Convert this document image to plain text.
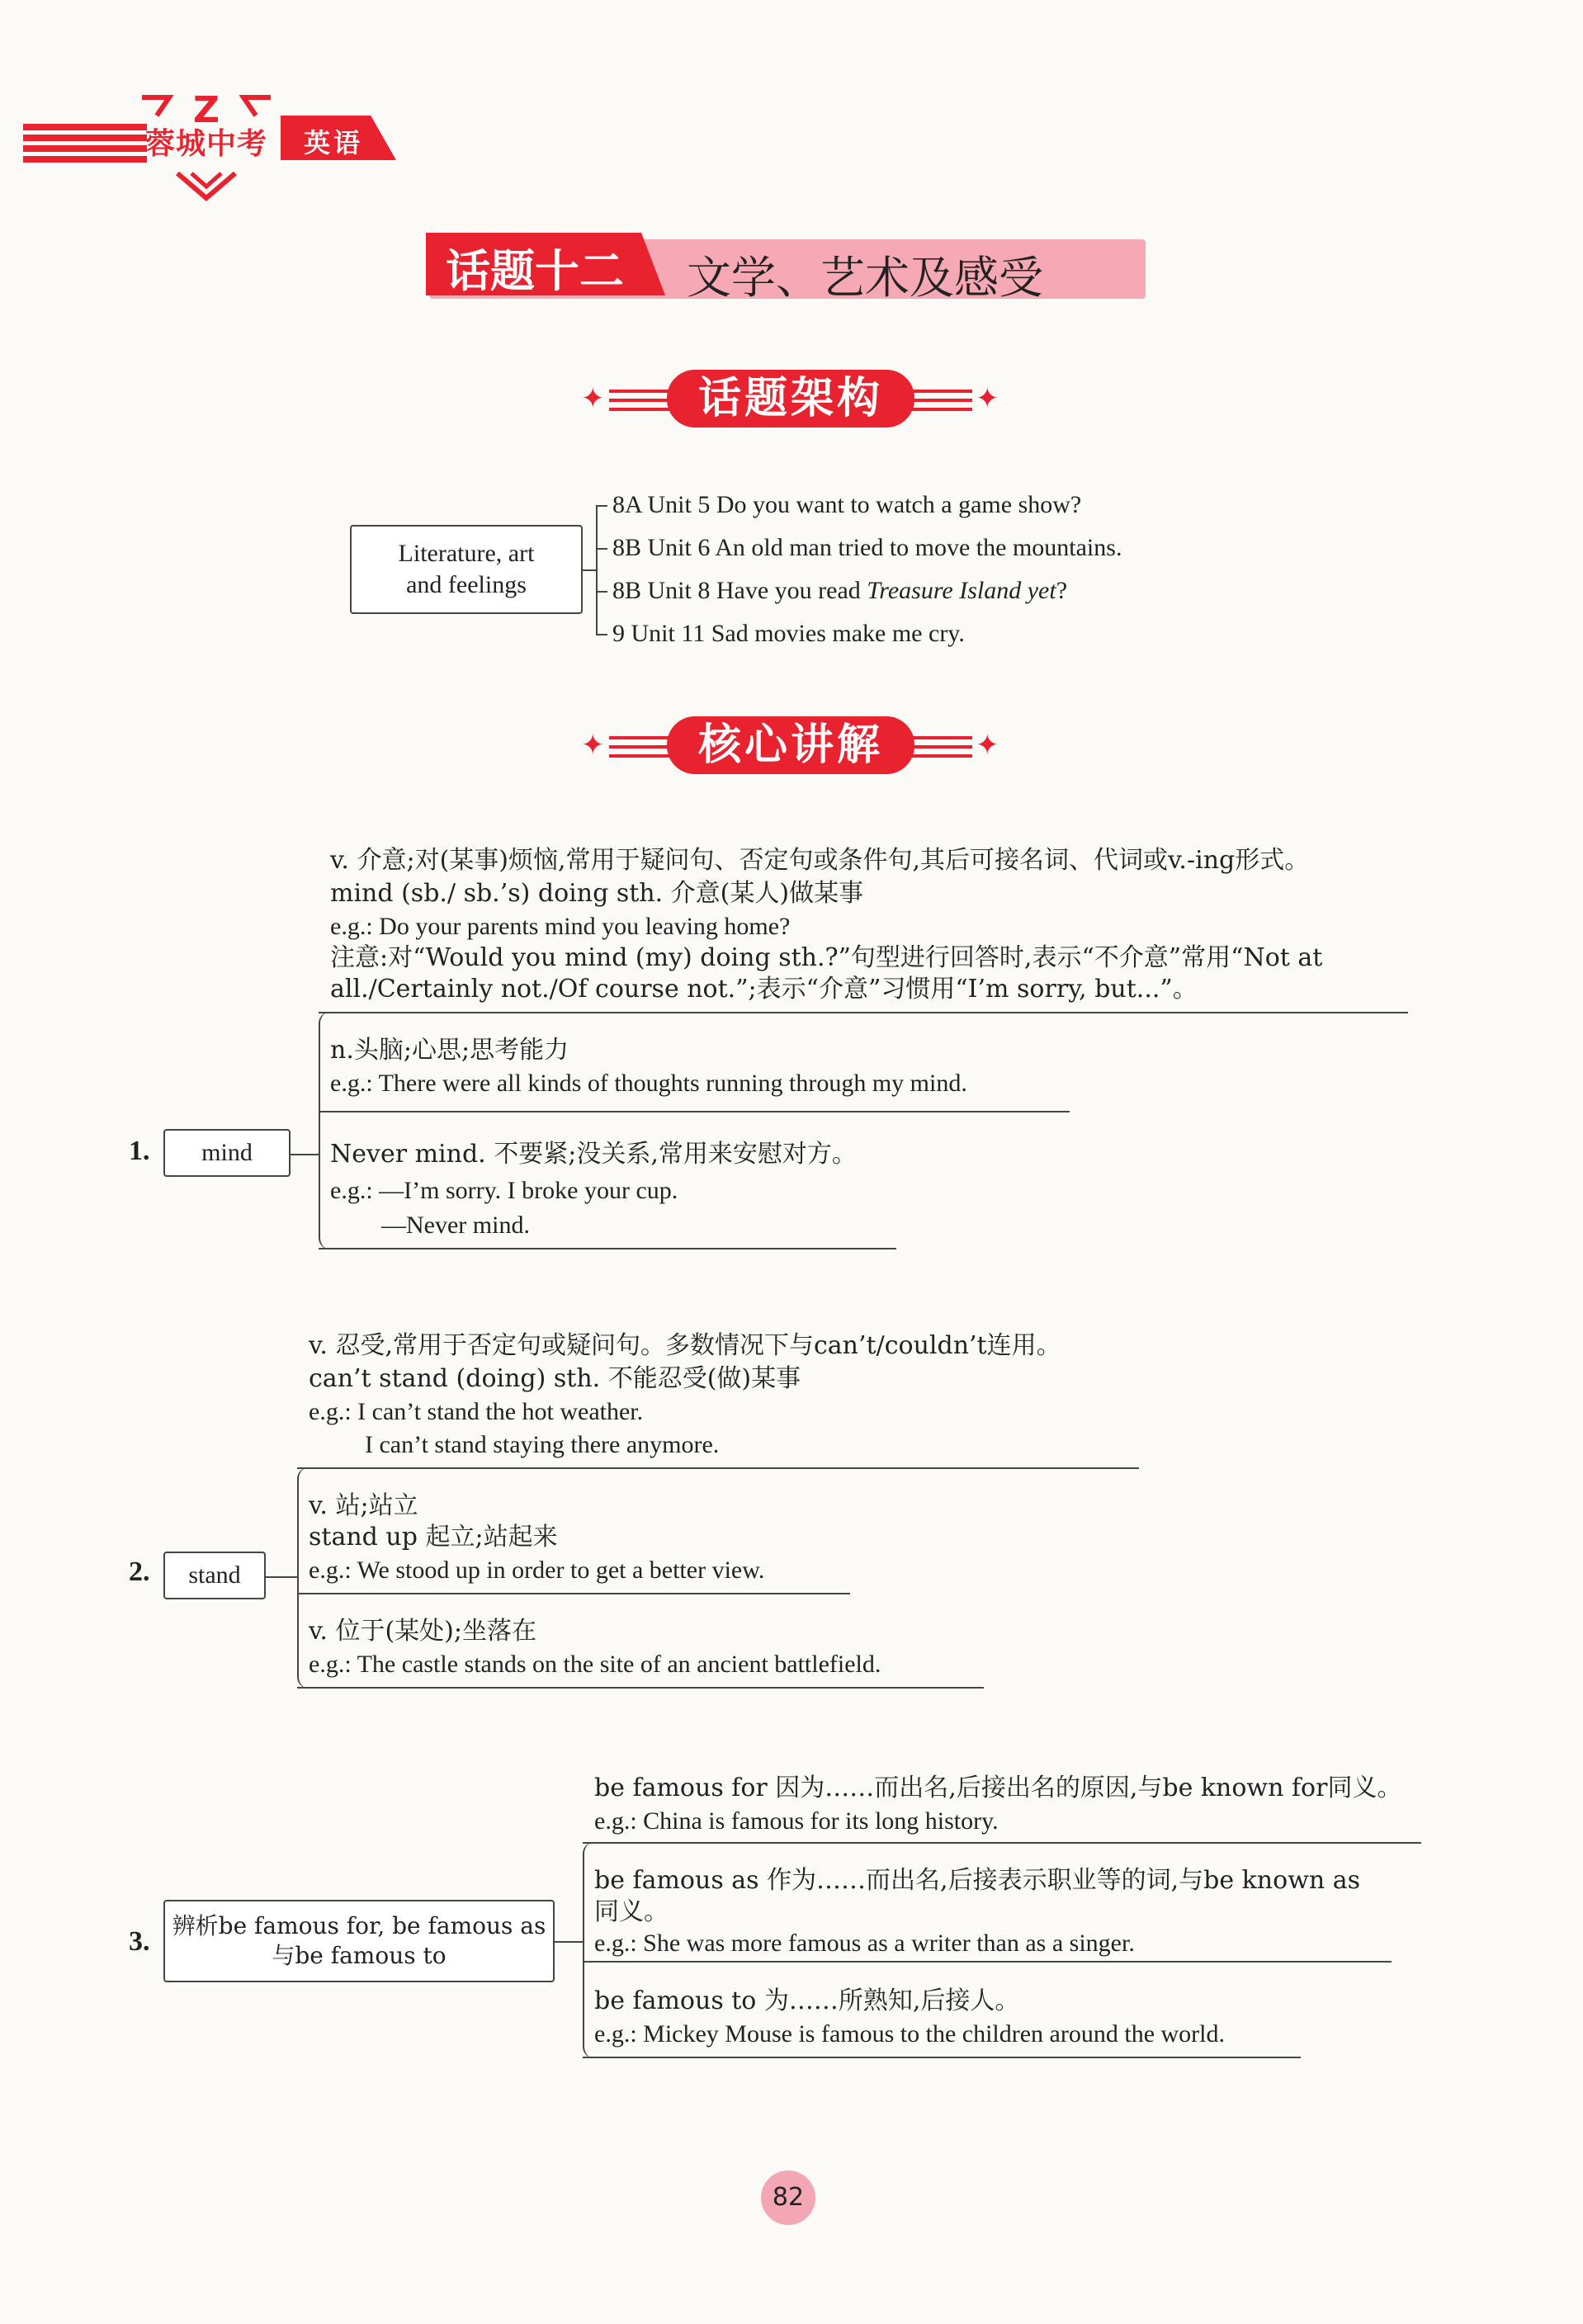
Z
蓉城中考 英语
话题十二 文学、艺术及感受
✦	话题架构	✦
Literature, art
and feelings
8A Unit 5 Do you want to watch a game show?
8B Unit 6 An old man tried to move the mountains.
8B Unit 8 Have you read Treasure Island yet?
9 Unit 11 Sad movies make me cry.
✦	核心讲解	✦
v. 介意;对(某事)烦恼,常用于疑问句、否定句或条件句,其后可接名词、代词或v.-ing形式。
mind (sb./ sb.’s) doing sth. 介意(某人)做某事
e.g.: Do your parents mind you leaving home?
注意:对“Would you mind (my) doing sth.?”句型进行回答时,表示“不介意”常用“Not at
all./Certainly not./Of course not.”;表示“介意”习惯用“I’m sorry, but...”。
n.头脑;心思;思考能力
e.g.: There were all kinds of thoughts running through my mind.
Never mind. 不要紧;没关系,常用来安慰对方。
e.g.: —I’m sorry. I broke your cup.
—Never mind.
1.	mind
v. 忍受,常用于否定句或疑问句。多数情况下与can’t/couldn’t连用。
can’t stand (doing) sth. 不能忍受(做)某事
e.g.: I can’t stand the hot weather.
I can’t stand staying there anymore.
v. 站;站立
stand up 起立;站起来
e.g.: We stood up in order to get a better view.
v. 位于(某处);坐落在
e.g.: The castle stands on the site of an ancient battlefield.
2.	stand
be famous for 因为……而出名,后接出名的原因,与be known for同义。
e.g.: China is famous for its long history.
be famous as 作为……而出名,后接表示职业等的词,与be known as
同义。
e.g.: She was more famous as a writer than as a singer.
be famous to 为……所熟知,后接人。
e.g.: Mickey Mouse is famous to the children around the world.
3.
辨析be famous for, be famous as
与be famous to
82
